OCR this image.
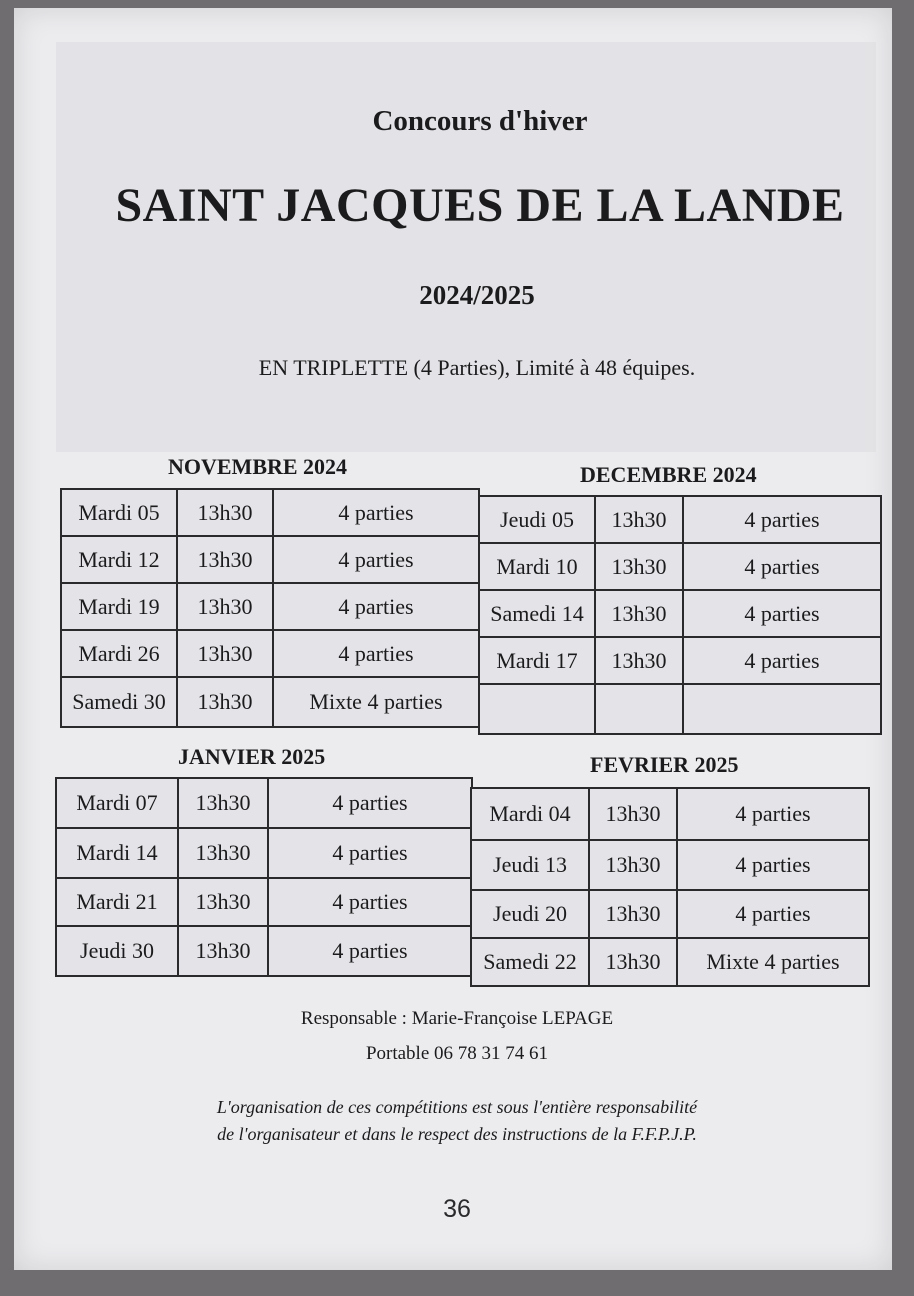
Concours d'hiver
SAINT JACQUES DE LA LANDE
2024/2025
EN TRIPLETTE (4 Parties), Limité à 48 équipes.
NOVEMBRE 2024
Mardi 05	13h30	4 parties
Mardi 12	13h30	4 parties
Mardi 19	13h30	4 parties
Mardi 26	13h30	4 parties
Samedi 30	13h30	Mixte 4 parties
DECEMBRE 2024
Jeudi 05	13h30	4 parties
Mardi 10	13h30	4 parties
Samedi 14	13h30	4 parties
Mardi 17	13h30	4 parties

JANVIER 2025
Mardi 07	13h30	4 parties
Mardi 14	13h30	4 parties
Mardi 21	13h30	4 parties
Jeudi 30	13h30	4 parties
FEVRIER 2025
Mardi 04	13h30	4 parties
Jeudi 13	13h30	4 parties
Jeudi 20	13h30	4 parties
Samedi 22	13h30	Mixte 4 parties
Responsable : Marie-Françoise LEPAGE
Portable 06 78 31 74 61
L'organisation de ces compétitions est sous l'entière responsabilité
de l'organisateur et dans le respect des instructions de la F.F.P.J.P.
36
